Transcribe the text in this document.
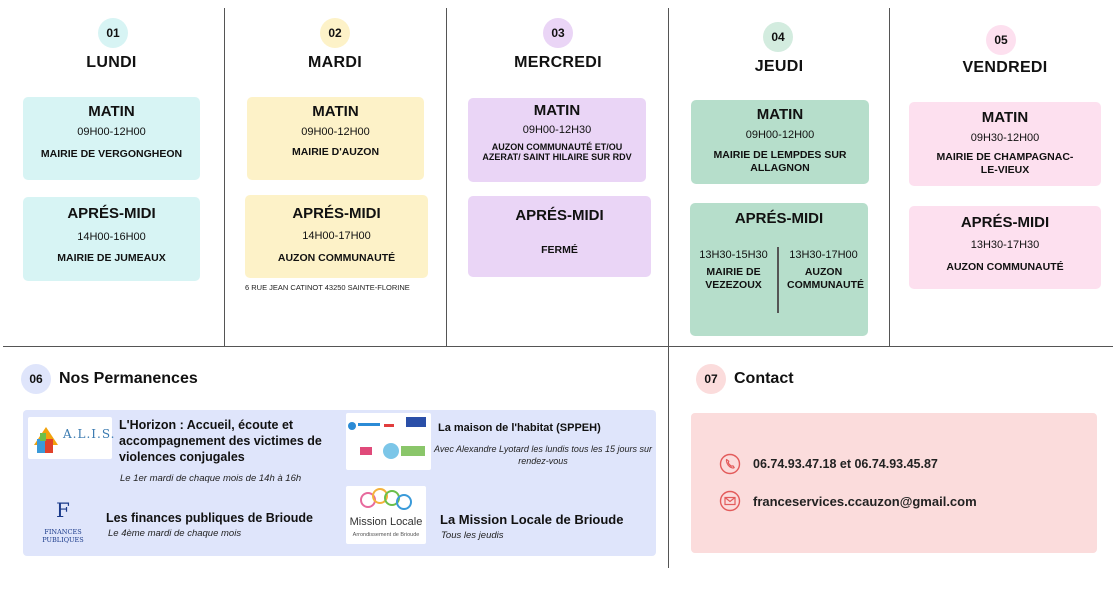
01
LUNDI
MATIN
09H00-12H00
MAIRIE DE VERGONGHEON
APRÉS-MIDI
14H00-16H00
MAIRIE DE JUMEAUX
02
MARDI
MATIN
09H00-12H00
MAIRIE D'AUZON
APRÉS-MIDI
14H00-17H00
AUZON COMMUNAUTÉ
6 RUE JEAN CATINOT 43250 SAINTE-FLORINE
03
MERCREDI
MATIN
09H00-12H30
AUZON COMMUNAUTÉ ET/OU AZERAT/ SAINT HILAIRE SUR RDV
APRÉS-MIDI
FERMÉ
04
JEUDI
MATIN
09H00-12H00
MAIRIE DE LEMPDES SUR ALLAGNON
APRÉS-MIDI
13H30-15H30
MAIRIE DE VEZEZOUX
13H30-17H00
AUZON COMMUNAUTÉ
05
VENDREDI
MATIN
09H30-12H00
MAIRIE DE CHAMPAGNAC-LE-VIEUX
APRÉS-MIDI
13H30-17H30
AUZON COMMUNAUTÉ
06	Nos Permanences
A.L.I.S.
L'Horizon : Accueil, écoute et accompagnement des victimes de violences conjugales
Le 1er mardi de chaque mois de 14h à 16h
F
FINANCES PUBLIQUES
Les finances publiques de Brioude
Le 4ème mardi de chaque mois
La maison de l'habitat (SPPEH)
Avec Alexandre Lyotard les lundis tous les 15 jours sur rendez-vous
Mission Locale
Arrondissement de Brioude
La Mission Locale de Brioude
Tous les jeudis
07	Contact
06.74.93.47.18 et 06.74.93.45.87
franceservices.ccauzon@gmail.com
